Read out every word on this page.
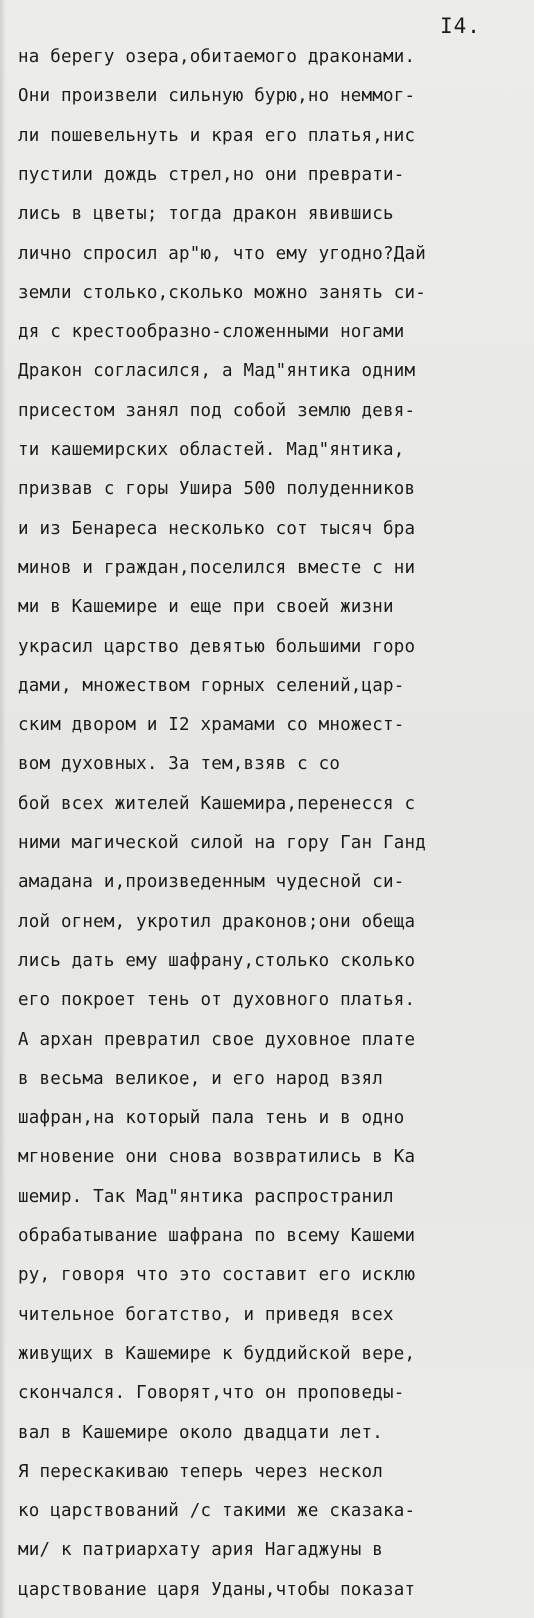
I4.
на берегу озера,обитаемого драконами.
Они произвели сильную бурю,но неммог-
ли пошевельнуть и края его платья,нис
пустили дождь стрел,но они преврати-
лись в цветы; тогда дракон явившись
лично спросил ар"ю, что ему угодно?Дай
земли столько,сколько можно занять си-
дя с крестообразно-сложенными ногами
Дракон согласился, а Мад"янтика одним
присестом занял под собой землю девя-
ти кашемирских областей. Мад"янтика,
призвав с горы Ушира 500 полуденников
и из Бенареса несколько сот тысяч бра
минов и граждан,поселился вместе с ни
ми в Кашемире и еще при своей жизни
украсил царство девятью большими горо
дами, множеством горных селений,цар-
ским двором и I2 храмами со множест-
вом духовных. За тем,взяв с со
бой всех жителей Кашемира,перенесся с
ними магической силой на гору Ган Ганд
амадана и,произведенным чудесной си-
лой огнем, укротил драконов;они обеща
лись дать ему шафрану,столько сколько
его покроет тень от духовного платья.
А архан превратил свое духовное плате
в весьма великое, и его народ взял
шафран,на который пала тень и в одно
мгновение они снова возвратились в Ка
шемир. Так Мад"янтика распространил
обрабатывание шафрана по всему Кашеми
ру, говоря что это составит его исклю
чительное богатство, и приведя всех
живущих в Кашемире к буддийской вере,
скончался. Говорят,что он проповеды-
вал в Кашемире около двадцати лет.
Я перескакиваю теперь через нескол
ко царствований /с такими же сказака-
ми/ к патриархату ария Нагаджуны в
царствование царя Уданы,чтобы показат
